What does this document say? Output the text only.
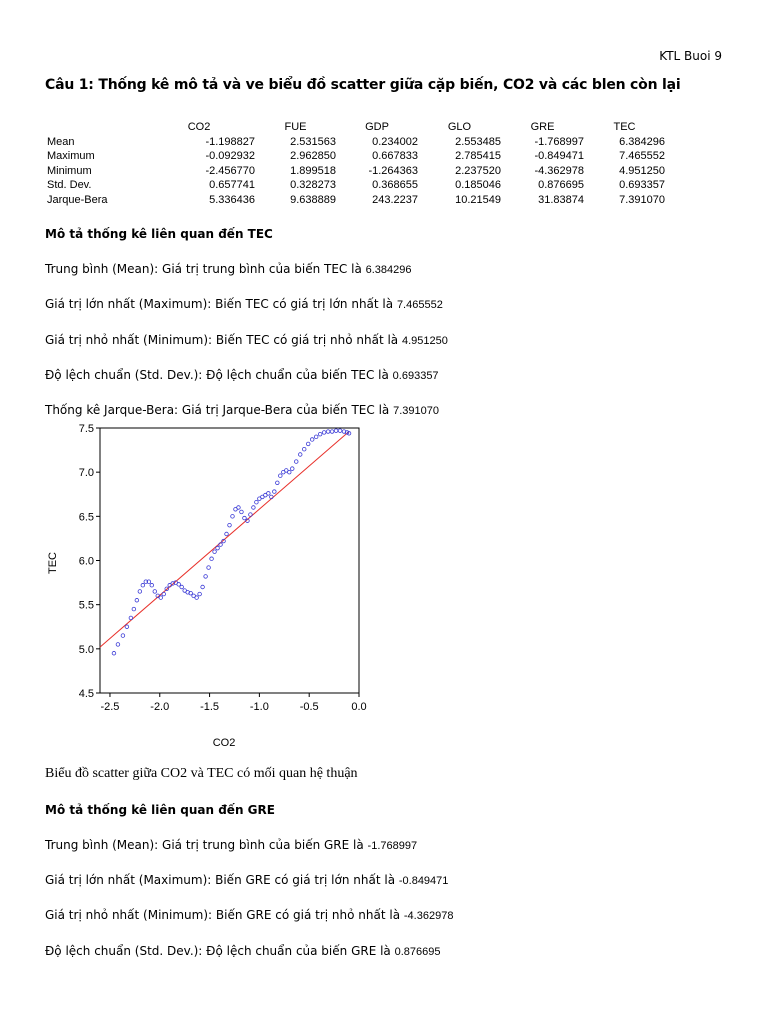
KTL Buoi 9
Câu 1: Thống kê mô tả và ve biểu đồ scatter giữa cặp biến, CO2 và các blen còn lại
	CO2	FUE	GDP	GLO	GRE	TEC
Mean	-1.198827	2.531563	0.234002	2.553485	-1.768997	6.384296
Maximum	-0.092932	2.962850	0.667833	2.785415	-0.849471	7.465552
Minimum	-2.456770	1.899518	-1.264363	2.237520	-4.362978	4.951250
Std. Dev.	0.657741	0.328273	0.368655	0.185046	0.876695	0.693357
Jarque-Bera	5.336436	9.638889	243.2237	10.21549	31.83874	7.391070
Mô tả thống kê liên quan đến TEC
Trung bình (Mean): Giá trị trung bình của biến TEC là 6.384296
Giá trị lớn nhất (Maximum): Biến TEC có giá trị lớn nhất là 7.465552
Giá trị nhỏ nhất (Minimum): Biến TEC có giá trị nhỏ nhất là 4.951250
Độ lệch chuẩn (Std. Dev.): Độ lệch chuẩn của biến TEC là 0.693357
Thống kê Jarque-Bera: Giá trị Jarque-Bera của biến TEC là 7.391070
-2.5	-2.0	-1.5	-1.0	-0.5	0.0
4.5
5.0
5.5
6.0
6.5
7.0
7.5
CO2
TEC
Biểu đồ scatter giữa CO2 và TEC có mối quan hệ thuận
Mô tả thống kê liên quan đến GRE
Trung bình (Mean): Giá trị trung bình của biến GRE là -1.768997
Giá trị lớn nhất (Maximum): Biến GRE có giá trị lớn nhất là -0.849471
Giá trị nhỏ nhất (Minimum): Biến GRE có giá trị nhỏ nhất là -4.362978
Độ lệch chuẩn (Std. Dev.): Độ lệch chuẩn của biến GRE là 0.876695
